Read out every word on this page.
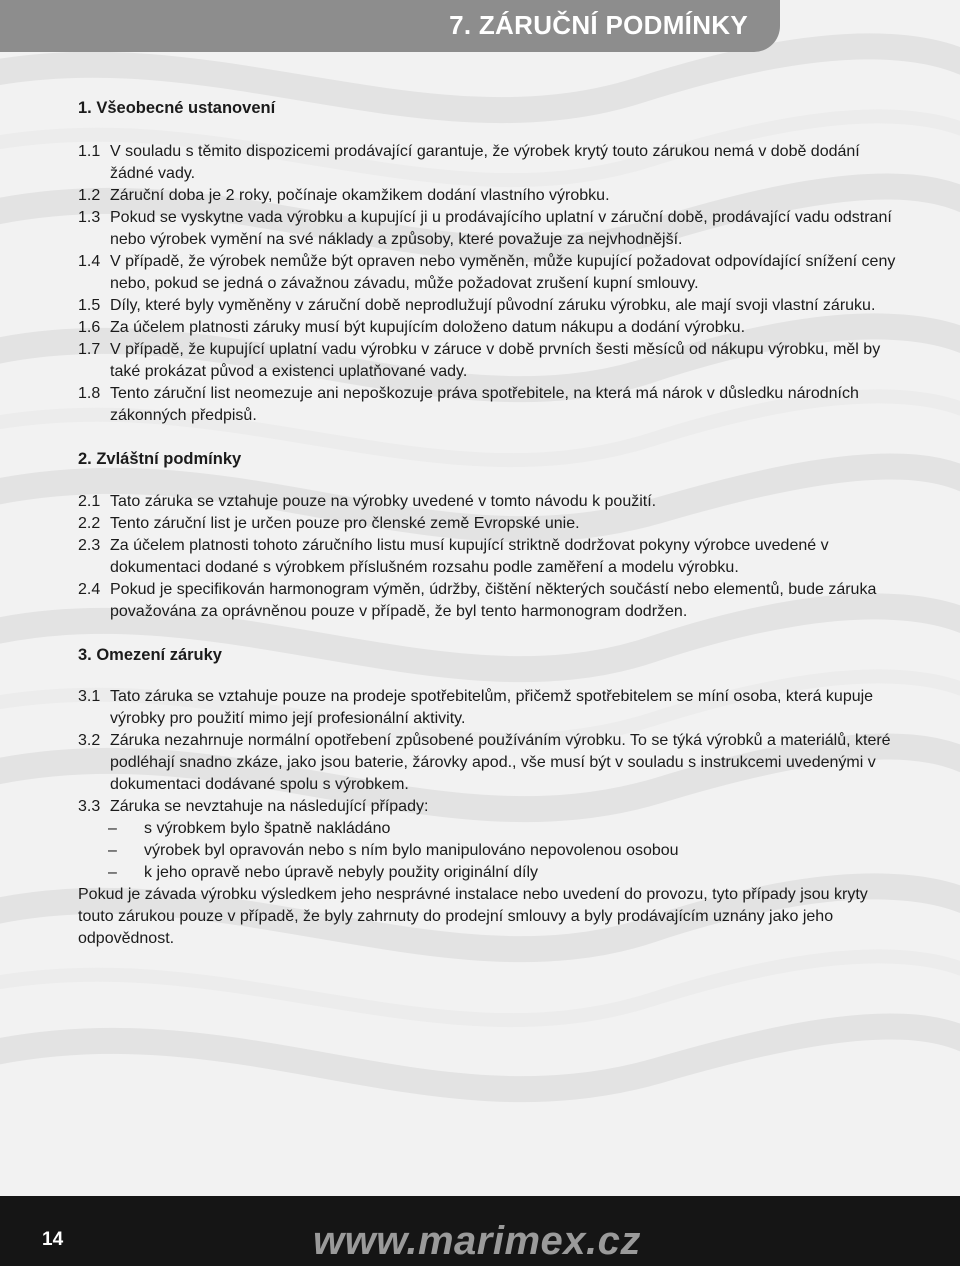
7. ZÁRUČNÍ PODMÍNKY

1. Všeobecné ustanovení

1.1 V souladu s těmito dispozicemi prodávající garantuje, že výrobek krytý touto zárukou nemá v době dodání žádné vady.
1.2 Záruční doba je 2 roky, počínaje okamžikem dodání vlastního výrobku.
1.3 Pokud se vyskytne vada výrobku a kupující ji u prodávajícího uplatní v záruční době, prodávající vadu odstraní nebo výrobek vymění na své náklady a způsoby, které považuje za nejvhodnější.
1.4 V případě, že výrobek nemůže být opraven nebo vyměněn, může kupující požadovat odpovídající snížení ceny nebo, pokud se jedná o závažnou závadu, může požadovat zrušení kupní smlouvy.
1.5 Díly, které byly vyměněny v záruční době neprodlužují původní záruku výrobku, ale mají svoji vlastní záruku.
1.6 Za účelem platnosti záruky musí být kupujícím doloženo datum nákupu a dodání výrobku.
1.7 V případě, že kupující uplatní vadu výrobku v záruce v době prvních šesti měsíců od nákupu výrobku, měl by také prokázat původ a existenci uplatňované vady.
1.8 Tento záruční list neomezuje ani nepoškozuje práva spotřebitele, na která má nárok v důsledku národních zákonných předpisů.

2. Zvláštní podmínky

2.1 Tato záruka se vztahuje pouze na výrobky uvedené v tomto návodu k použití.
2.2 Tento záruční list je určen pouze pro členské země Evropské unie.
2.3 Za účelem platnosti tohoto záručního listu musí kupující striktně dodržovat pokyny výrobce uvedené v dokumentaci dodané s výrobkem příslušném rozsahu podle zaměření a modelu výrobku.
2.4 Pokud je specifikován harmonogram výměn, údržby, čištění některých součástí nebo elementů, bude záruka považována za oprávněnou pouze v případě, že byl tento harmonogram dodržen.

3. Omezení záruky

3.1 Tato záruka se vztahuje pouze na prodeje spotřebitelům, přičemž spotřebitelem se míní osoba, která kupuje výrobky pro použití mimo její profesionální aktivity.
3.2 Záruka nezahrnuje normální opotřebení způsobené používáním výrobku. To se týká výrobků a materiálů, které podléhají snadno zkáze, jako jsou baterie, žárovky apod., vše musí být v souladu s instrukcemi uvedenými v dokumentaci dodávané spolu s výrobkem.
3.3 Záruka se nevztahuje na následující případy:
–	s výrobkem bylo špatně nakládáno
–	výrobek byl opravován nebo s ním bylo manipulováno nepovolenou osobou
–	k jeho opravě nebo úpravě nebyly použity originální díly

Pokud je závada výrobku výsledkem jeho nesprávné instalace nebo uvedení do provozu, tyto případy jsou kryty touto zárukou pouze v případě, že byly zahrnuty do prodejní smlouvy a byly prodávajícím uznány jako jeho odpovědnost.

14	www.marimex.cz
